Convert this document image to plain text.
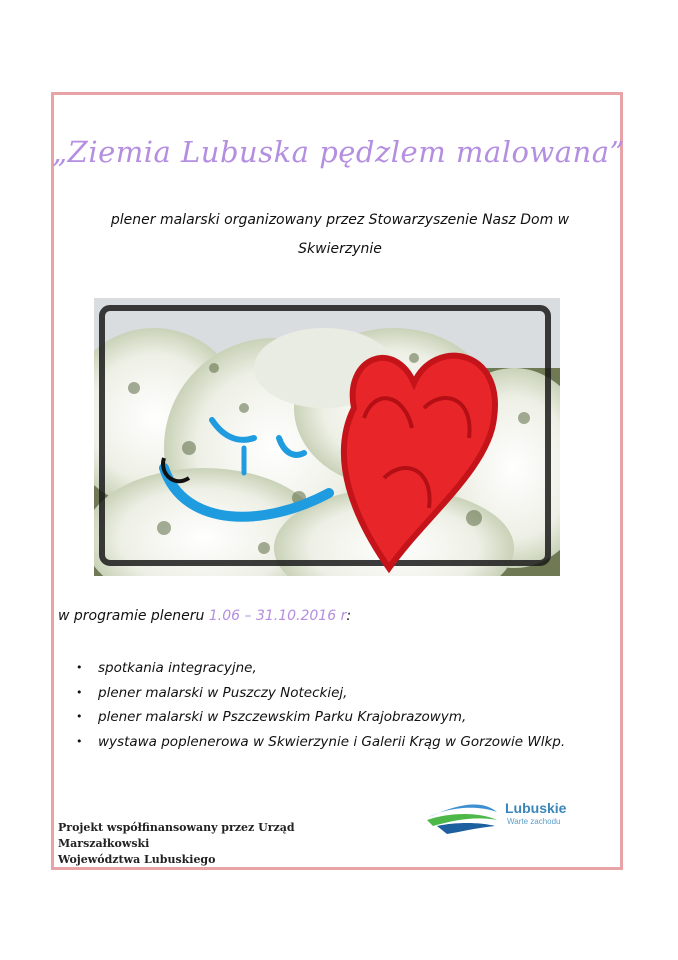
„Ziemia Lubuska pędzlem malowana”
plener malarski organizowany przez Stowarzyszenie Nasz Dom w Skwierzynie
w programie pleneru 1.06 – 31.10.2016 r:
• spotkania integracyjne,
• plener malarski w Puszczy Noteckiej,
• plener malarski w Pszczewskim Parku Krajobrazowym,
• wystawa poplenerowa w Skwierzynie i Galerii Krąg w Gorzowie Wlkp.
Projekt współfinansowany przez Urząd Marszałkowski
Województwa Lubuskiego
Lubuskie
Warte zachodu
